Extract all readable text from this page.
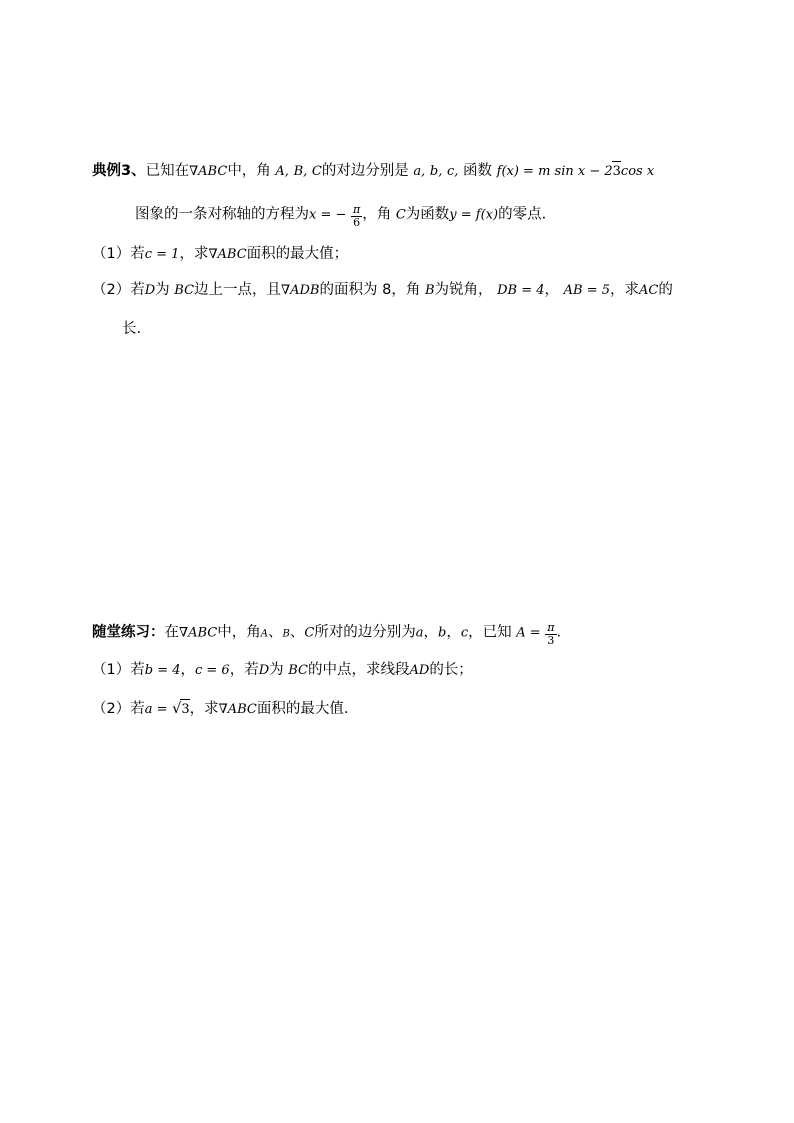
典例3、已知在∇ABC中，角 A, B, C的对边分别是 a, b, c, 函数 f(x) = m sin x − 23cos x
图象的一条对称轴的方程为x = − $\frac{\pi}{6}$ ，角 C为函数y = f(x)的零点.
（1）若c = 1，求∇ABC面积的最大值；
（2）若D为 BC边上一点，且∇ADB的面积为 8，角 B为锐角， DB = 4， AB = 5，求AC的
长.
随堂练习：在∇ABC中，角A、B、C所对的边分别为a，b，c，已知 $A = \frac{\pi}{3}$ .
（1）若b = 4，c = 6，若D为 BC的中点，求线段AD的长；
（2）若a = √3，求∇ABC面积的最大值.
